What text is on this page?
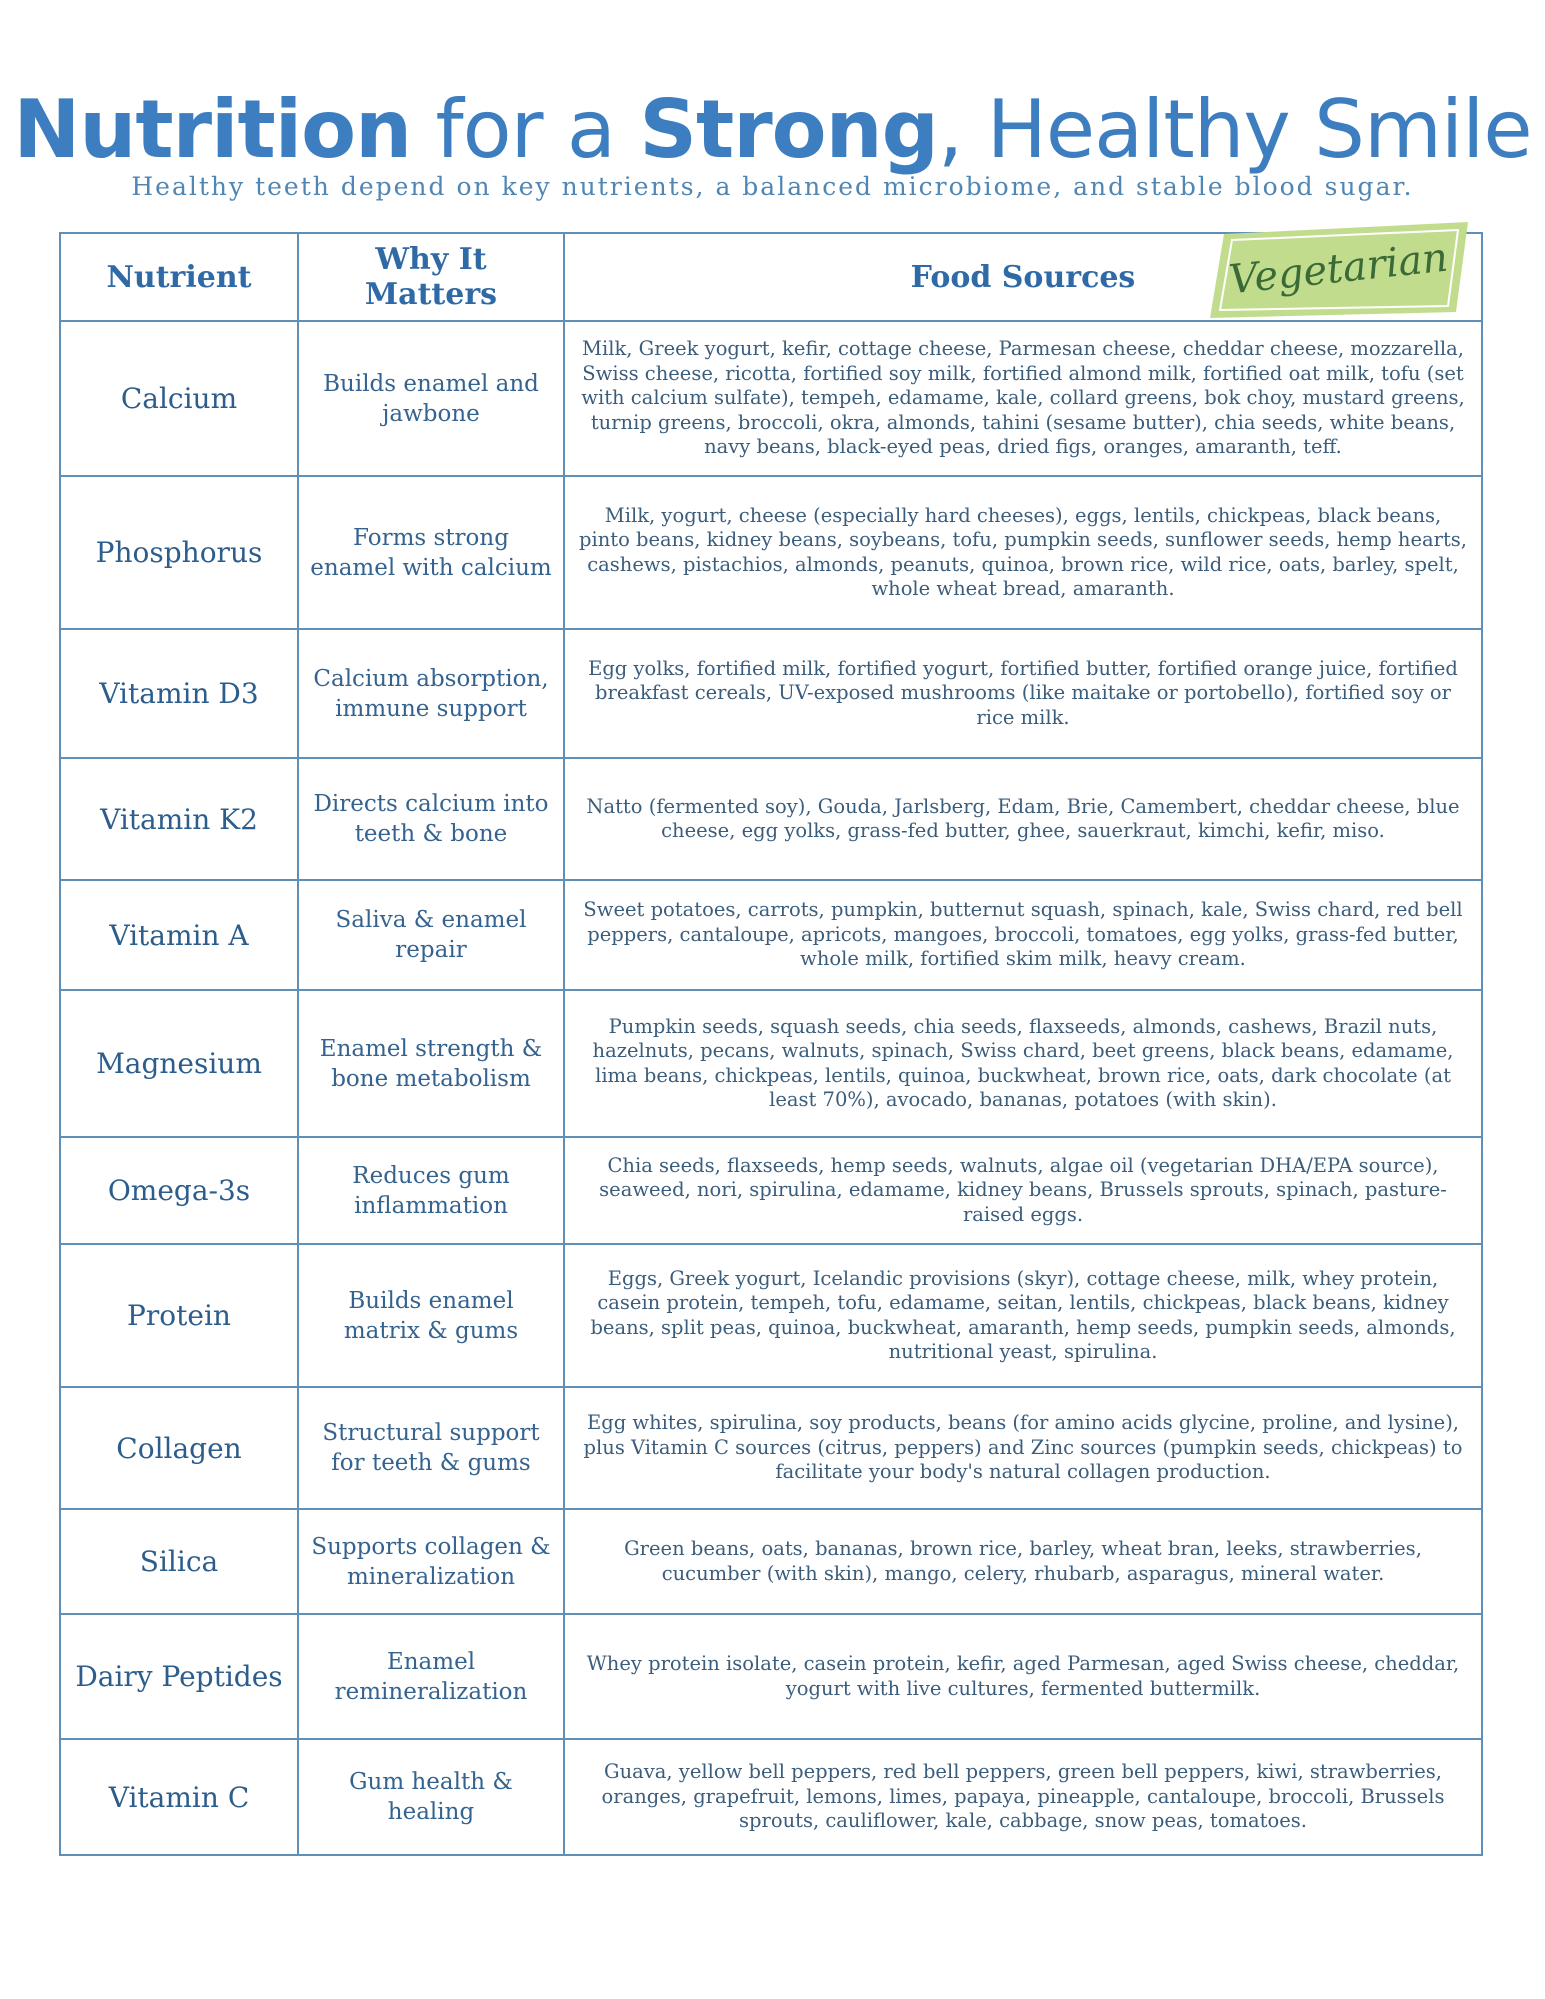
Nutrition for a Strong, Healthy Smile
Healthy teeth depend on key nutrients, a balanced microbiome, and stable blood sugar.
Nutrient	Why It Matters	Food Sources
Calcium	Builds enamel and jawbone	Milk, Greek yogurt, kefir, cottage cheese, Parmesan cheese, cheddar cheese, mozzarella, Swiss cheese, ricotta, fortified soy milk, fortified almond milk, fortified oat milk, tofu (set with calcium sulfate), tempeh, edamame, kale, collard greens, bok choy, mustard greens, turnip greens, broccoli, okra, almonds, tahini (sesame butter), chia seeds, white beans, navy beans, black-eyed peas, dried figs, oranges, amaranth, teff.
Phosphorus	Forms strong enamel with calcium	Milk, yogurt, cheese (especially hard cheeses), eggs, lentils, chickpeas, black beans, pinto beans, kidney beans, soybeans, tofu, pumpkin seeds, sunflower seeds, hemp hearts, cashews, pistachios, almonds, peanuts, quinoa, brown rice, wild rice, oats, barley, spelt, whole wheat bread, amaranth.
Vitamin D3	Calcium absorption, immune support	Egg yolks, fortified milk, fortified yogurt, fortified butter, fortified orange juice, fortified breakfast cereals, UV-exposed mushrooms (like maitake or portobello), fortified soy or rice milk.
Vitamin K2	Directs calcium into teeth & bone	Natto (fermented soy), Gouda, Jarlsberg, Edam, Brie, Camembert, cheddar cheese, blue cheese, egg yolks, grass-fed butter, ghee, sauerkraut, kimchi, kefir, miso.
Vitamin A	Saliva & enamel repair	Sweet potatoes, carrots, pumpkin, butternut squash, spinach, kale, Swiss chard, red bell peppers, cantaloupe, apricots, mangoes, broccoli, tomatoes, egg yolks, grass-fed butter, whole milk, fortified skim milk, heavy cream.
Magnesium	Enamel strength & bone metabolism	Pumpkin seeds, squash seeds, chia seeds, flaxseeds, almonds, cashews, Brazil nuts, hazelnuts, pecans, walnuts, spinach, Swiss chard, beet greens, black beans, edamame, lima beans, chickpeas, lentils, quinoa, buckwheat, brown rice, oats, dark chocolate (at least 70%), avocado, bananas, potatoes (with skin).
Omega-3s	Reduces gum inflammation	Chia seeds, flaxseeds, hemp seeds, walnuts, algae oil (vegetarian DHA/EPA source), seaweed, nori, spirulina, edamame, kidney beans, Brussels sprouts, spinach, pasture-raised eggs.
Protein	Builds enamel matrix & gums	Eggs, Greek yogurt, Icelandic provisions (skyr), cottage cheese, milk, whey protein, casein protein, tempeh, tofu, edamame, seitan, lentils, chickpeas, black beans, kidney beans, split peas, quinoa, buckwheat, amaranth, hemp seeds, pumpkin seeds, almonds, nutritional yeast, spirulina.
Collagen	Structural support for teeth & gums	Egg whites, spirulina, soy products, beans (for amino acids glycine, proline, and lysine), plus Vitamin C sources (citrus, peppers) and Zinc sources (pumpkin seeds, chickpeas) to facilitate your body's natural collagen production.
Silica	Supports collagen & mineralization	Green beans, oats, bananas, brown rice, barley, wheat bran, leeks, strawberries, cucumber (with skin), mango, celery, rhubarb, asparagus, mineral water.
Dairy Peptides	Enamel remineralization	Whey protein isolate, casein protein, kefir, aged Parmesan, aged Swiss cheese, cheddar, yogurt with live cultures, fermented buttermilk.
Vitamin C	Gum health & healing	Guava, yellow bell peppers, red bell peppers, green bell peppers, kiwi, strawberries, oranges, grapefruit, lemons, limes, papaya, pineapple, cantaloupe, broccoli, Brussels sprouts, cauliflower, kale, cabbage, snow peas, tomatoes.
Vegetarian
